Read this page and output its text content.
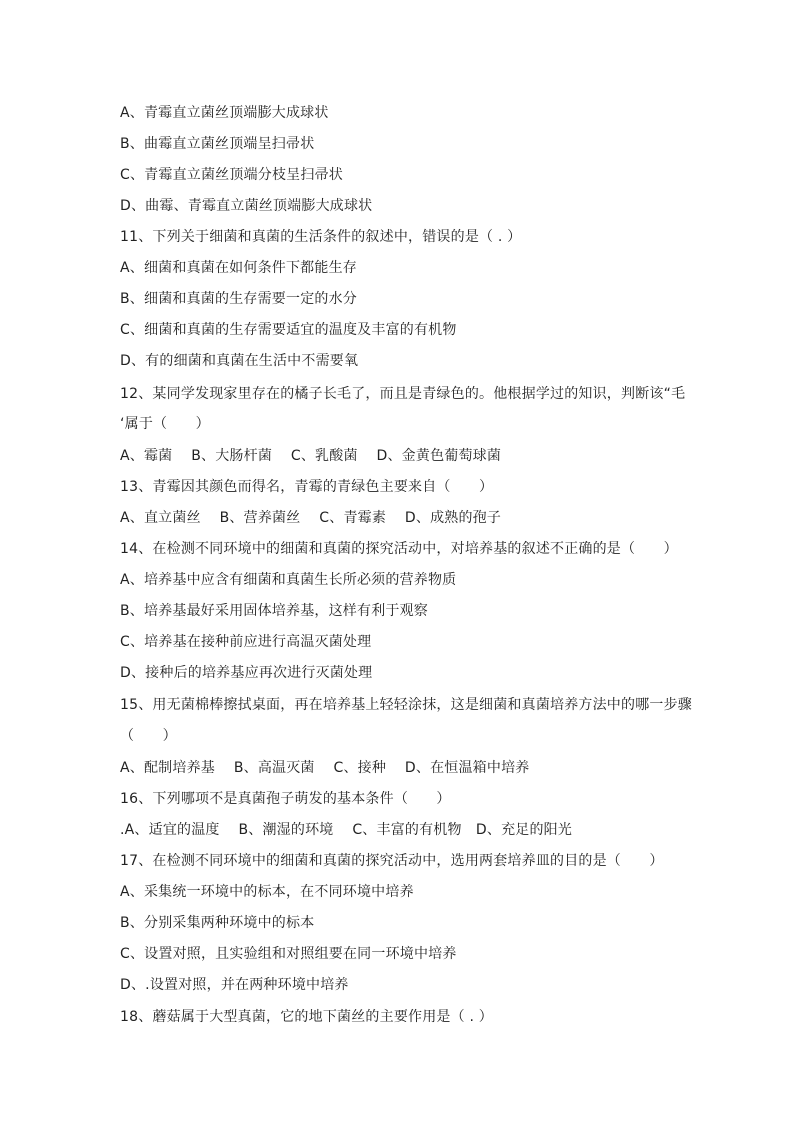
A、青霉直立菌丝顶端膨大成球状
B、曲霉直立菌丝顶端呈扫帚状
C、青霉直立菌丝顶端分枝呈扫帚状
D、曲霉、青霉直立菌丝顶端膨大成球状
11、下列关于细菌和真菌的生活条件的叙述中，错误的是（ . ）
A、细菌和真菌在如何条件下都能生存
B、细菌和真菌的生存需要一定的水分
C、细菌和真菌的生存需要适宜的温度及丰富的有机物
D、有的细菌和真菌在生活中不需要氧
12、某同学发现家里存在的橘子长毛了，而且是青绿色的。他根据学过的知识，判断该“毛
‘属于（　　）
A、霉菌　 B、大肠杆菌　 C、乳酸菌　 D、金黄色葡萄球菌
13、青霉因其颜色而得名，青霉的青绿色主要来自（　　）
A、直立菌丝　 B、营养菌丝　 C、青霉素　 D、成熟的孢子
14、在检测不同环境中的细菌和真菌的探究活动中，对培养基的叙述不正确的是（　　）
A、培养基中应含有细菌和真菌生长所必须的营养物质
B、培养基最好采用固体培养基，这样有利于观察
C、培养基在接种前应进行高温灭菌处理
D、接种后的培养基应再次进行灭菌处理
15、用无菌棉棒擦拭桌面，再在培养基上轻轻涂抹，这是细菌和真菌培养方法中的哪一步骤
（　　）
A、配制培养基　 B、高温灭菌　 C、接种　 D、在恒温箱中培养
16、下列哪项不是真菌孢子萌发的基本条件（　　）
.A、适宜的温度　 B、潮湿的环境　 C、丰富的有机物　D、充足的阳光
17、在检测不同环境中的细菌和真菌的探究活动中，选用两套培养皿的目的是（　　）
A、采集统一环境中的标本，在不同环境中培养
B、分别采集两种环境中的标本
C、设置对照，且实验组和对照组要在同一环境中培养
D、.设置对照，并在两种环境中培养
18、蘑菇属于大型真菌，它的地下菌丝的主要作用是（ . ）
